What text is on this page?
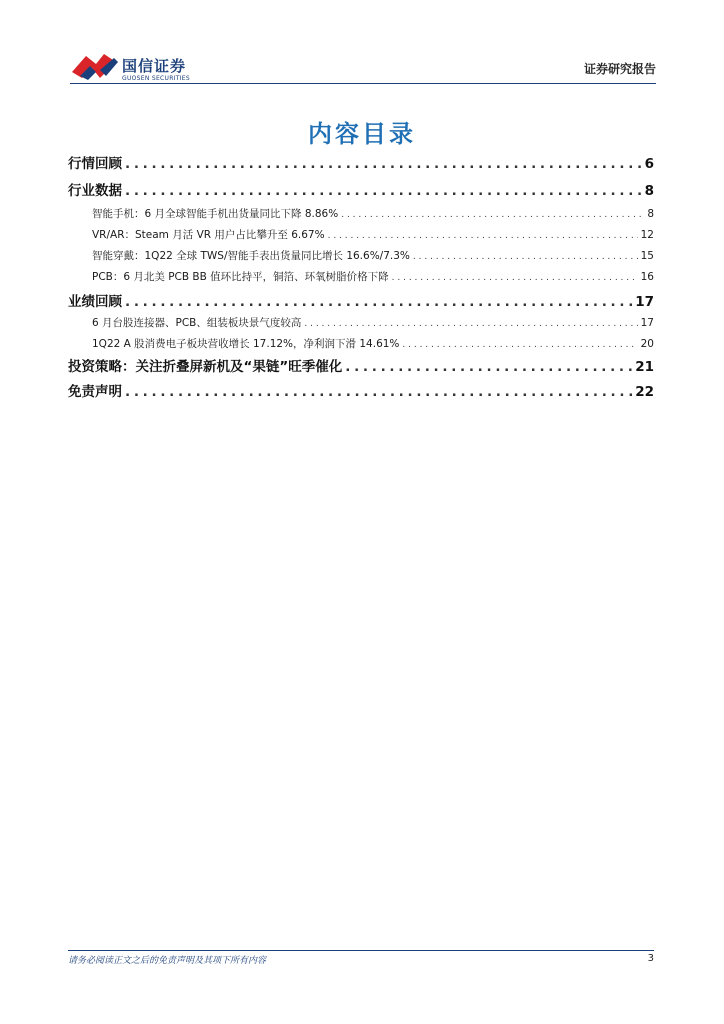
国信证券
GUOSEN SECURITIES
证券研究报告
内容目录
行情回顾 . . .	6
行业数据 . . .	8
智能手机：6 月全球智能手机出货量同比下降 8.86% . . .	8
VR/AR：Steam 月活 VR 用户占比攀升至 6.67% . . .	12
智能穿戴：1Q22 全球 TWS/智能手表出货量同比增长 16.6%/7.3% . . .	15
PCB：6 月北美 PCB BB 值环比持平，铜箔、环氧树脂价格下降 . . .	16
业绩回顾 . . .	17
6 月台股连接器、PCB、组装板块景气度较高 . . .	17
1Q22 A 股消费电子板块营收增长 17.12%，净利润下滑 14.61% . . .	20
投资策略：关注折叠屏新机及“果链”旺季催化 . . .	21
免责声明 . . .	22
请务必阅读正文之后的免责声明及其项下所有内容	3
